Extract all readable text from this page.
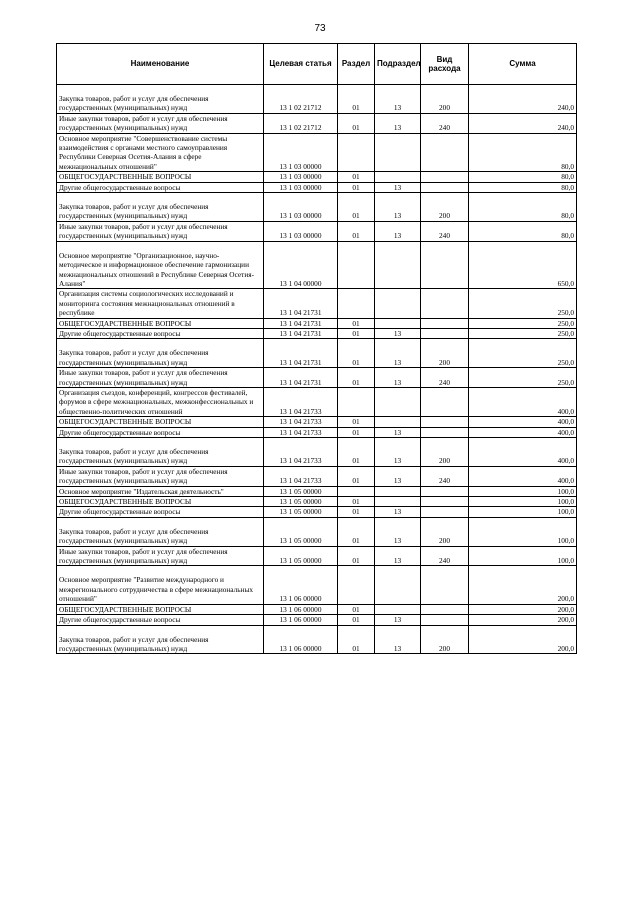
73
Наименование	Целевая статья	Раздел	Подраздел	Вид расхода	Сумма
Закупка товаров, работ и услуг для обеспечения государственных (муниципальных) нужд	13 1 02 21712	01	13	200	240,0
Иные закупки товаров, работ и услуг для обеспечения государственных (муниципальных) нужд	13 1 02 21712	01	13	240	240,0
Основное мероприятие "Совершенствование системы взаимодействия с органами местного самоуправления Республики Северная Осетия-Алания в сфере межнациональных отношений"	13 1 03 00000				80,0
ОБЩЕГОСУДАРСТВЕННЫЕ ВОПРОСЫ	13 1 03 00000	01			80,0
Другие общегосударственные вопросы	13 1 03 00000	01	13		80,0
Закупка товаров, работ и услуг для обеспечения государственных (муниципальных) нужд	13 1 03 00000	01	13	200	80,0
Иные закупки товаров, работ и услуг для обеспечения государственных (муниципальных) нужд	13 1 03 00000	01	13	240	80,0
Основное мероприятие "Организационное, научно-методическое и информационное обеспечение гармонизации межнациональных отношений в Республике Северная Осетия-Алания"	13 1 04 00000				650,0
Организация системы социологических исследований и мониторинга состояния межнациональных отношений в республике	13 1 04 21731				250,0
ОБЩЕГОСУДАРСТВЕННЫЕ ВОПРОСЫ	13 1 04 21731	01			250,0
Другие общегосударственные вопросы	13 1 04 21731	01	13		250,0
Закупка товаров, работ и услуг для обеспечения государственных (муниципальных) нужд	13 1 04 21731	01	13	200	250,0
Иные закупки товаров, работ и услуг для обеспечения государственных (муниципальных) нужд	13 1 04 21731	01	13	240	250,0
Организация съездов, конференций, конгрессов фестивалей, форумов в сфере межнациональных, межконфессиональных и общественно-политических отношений	13 1 04 21733				400,0
ОБЩЕГОСУДАРСТВЕННЫЕ ВОПРОСЫ	13 1 04 21733	01			400,0
Другие общегосударственные вопросы	13 1 04 21733	01	13		400,0
Закупка товаров, работ и услуг для обеспечения государственных (муниципальных) нужд	13 1 04 21733	01	13	200	400,0
Иные закупки товаров, работ и услуг для обеспечения государственных (муниципальных) нужд	13 1 04 21733	01	13	240	400,0
Основное мероприятие "Издательская деятельность"	13 1 05 00000				100,0
ОБЩЕГОСУДАРСТВЕННЫЕ ВОПРОСЫ	13 1 05 00000	01			100,0
Другие общегосударственные вопросы	13 1 05 00000	01	13		100,0
Закупка товаров, работ и услуг для обеспечения государственных (муниципальных) нужд	13 1 05 00000	01	13	200	100,0
Иные закупки товаров, работ и услуг для обеспечения государственных (муниципальных) нужд	13 1 05 00000	01	13	240	100,0
Основное мероприятие "Развитие международного и межрегионального сотрудничества в сфере межнациональных отношений"	13 1 06 00000				200,0
ОБЩЕГОСУДАРСТВЕННЫЕ ВОПРОСЫ	13 1 06 00000	01			200,0
Другие общегосударственные вопросы	13 1 06 00000	01	13		200,0
Закупка товаров, работ и услуг для обеспечения государственных (муниципальных) нужд	13 1 06 00000	01	13	200	200,0
